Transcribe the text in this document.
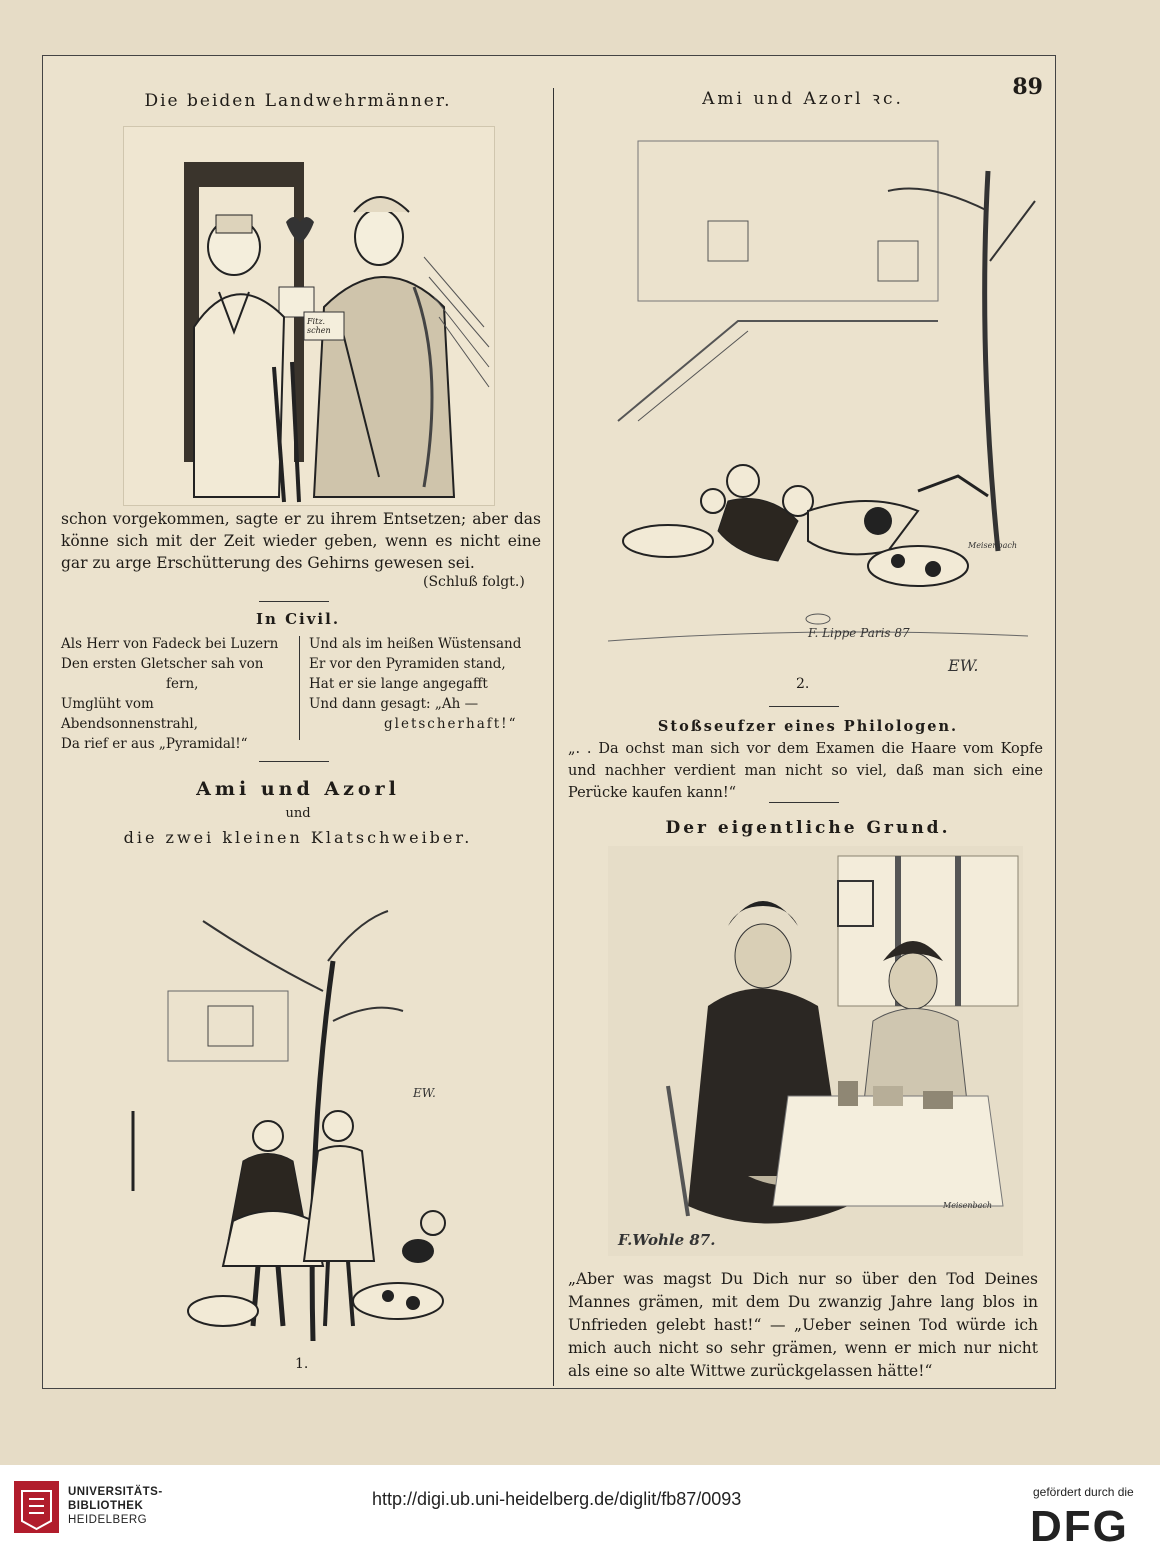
89
Die beiden Landwehrmänner.
Fitz. schen
schon vorgekommen, sagte er zu ihrem Entsetzen; aber das könne sich mit der Zeit wieder geben, wenn es nicht eine gar zu arge Erschütterung des Gehirns gewesen sei.
(Schluß folgt.)
In Civil.
Als Herr von Fadeck bei Luzern
Den ersten Gletscher sah von
fern,
Umglüht vom Abendsonnenstrahl,
Da rief er aus „Pyramidal!“
Und als im heißen Wüstensand
Er vor den Pyramiden stand,
Hat er sie lange angegafft
Und dann gesagt: „Ah —
gletscherhaft!“
Ami und Azorl
und
die zwei kleinen Klatschweiber.
EW.
1.
Ami und Azorl ꝛc.
Meisenbach
EW.
F. Lippe Paris 87
2.
Stoßseufzer eines Philologen.
„. . Da ochst man sich vor dem Examen die Haare vom Kopfe und nachher verdient man nicht so viel, daß man sich eine Perücke kaufen kann!“
Der eigentliche Grund.
Meisenbach
F.Wohle 87.
„Aber was magst Du Dich nur so über den Tod Deines Mannes grämen, mit dem Du zwanzig Jahre lang blos in Unfrieden gelebt hast!“ — „Ueber seinen Tod würde ich mich auch nicht so sehr grämen, wenn er mich nur nicht als eine so alte Wittwe zurückgelassen hätte!“
UNIVERSITÄTS-
BIBLIOTHEK
HEIDELBERG
http://digi.ub.uni-heidelberg.de/diglit/fb87/0093	gefördert durch die
DFG
